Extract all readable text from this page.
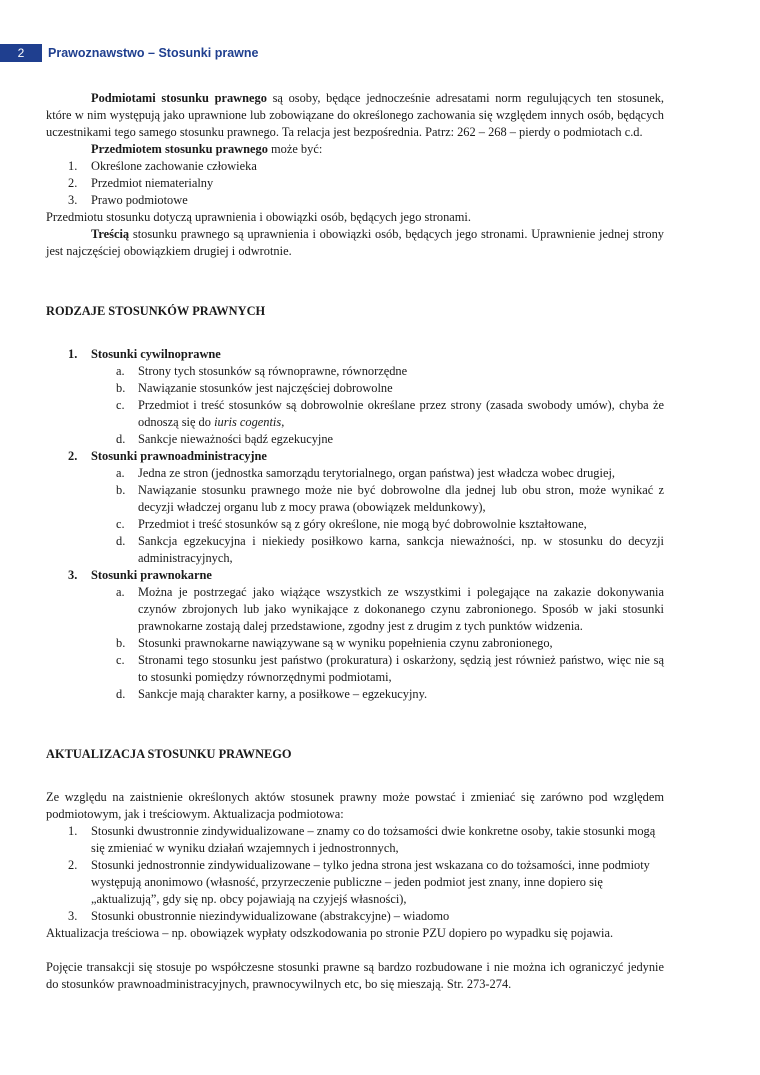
2	Prawoznawstwo – Stosunki prawne

Podmiotami stosunku prawnego są osoby, będące jednocześnie adresatami norm regulujących ten stosunek, które w nim występują jako uprawnione lub zobowiązane do określonego zachowania się względem innych osób, będących uczestnikami tego samego stosunku prawnego. Ta relacja jest bezpośrednia. Patrz: 262 – 268 – pierdy o podmiotach c.d.

Przedmiotem stosunku prawnego może być:

1. Określone zachowanie człowieka
2. Przedmiot niematerialny
3. Prawo podmiotowe

Przedmiotu stosunku dotyczą uprawnienia i obowiązki osób, będących jego stronami.

Treścią stosunku prawnego są uprawnienia i obowiązki osób, będących jego stronami. Uprawnienie jednej strony jest najczęściej obowiązkiem drugiej i odwrotnie.

RODZAJE STOSUNKÓW PRAWNYCH

1. Stosunki cywilnoprawne
a. Strony tych stosunków są równoprawne, równorzędne
b. Nawiązanie stosunków jest najczęściej dobrowolne
c. Przedmiot i treść stosunków są dobrowolnie określane przez strony (zasada swobody umów), chyba że odnoszą się do iuris cogentis,
d. Sankcje nieważności bądź egzekucyjne
2. Stosunki prawnoadministracyjne
a. Jedna ze stron (jednostka samorządu terytorialnego, organ państwa) jest władcza wobec drugiej,
b. Nawiązanie stosunku prawnego może nie być dobrowolne dla jednej lub obu stron, może wynikać z decyzji władczej organu lub z mocy prawa (obowiązek meldunkowy),
c. Przedmiot i treść stosunków są z góry określone, nie mogą być dobrowolnie kształtowane,
d. Sankcja egzekucyjna i niekiedy posiłkowo karna, sankcja nieważności, np. w stosunku do decyzji administracyjnych,
3. Stosunki prawnokarne
a. Można je postrzegać jako wiążące wszystkich ze wszystkimi i polegające na zakazie dokonywania czynów zbrojonych lub jako wynikające z dokonanego czynu zabronionego. Sposób w jaki stosunki prawnokarne zostają dalej przedstawione, zgodny jest z drugim z tych punktów widzenia.
b. Stosunki prawnokarne nawiązywane są w wyniku popełnienia czynu zabronionego,
c. Stronami tego stosunku jest państwo (prokuratura) i oskarżony, sędzią jest również państwo, więc nie są to stosunki pomiędzy równorzędnymi podmiotami,
d. Sankcje mają charakter karny, a posiłkowe – egzekucyjny.

AKTUALIZACJA STOSUNKU PRAWNEGO

Ze względu na zaistnienie określonych aktów stosunek prawny może powstać i zmieniać się zarówno pod względem podmiotowym, jak i treściowym. Aktualizacja podmiotowa:

1. Stosunki dwustronnie zindywidualizowane – znamy co do tożsamości dwie konkretne osoby, takie stosunki mogą się zmieniać w wyniku działań wzajemnych i jednostronnych,
2. Stosunki jednostronnie zindywidualizowane – tylko jedna strona jest wskazana co do tożsamości, inne podmioty występują anonimowo (własność, przyrzeczenie publiczne – jeden podmiot jest znany, inne dopiero się „aktualizują”, gdy się np. obcy pojawiają na czyjejś własności),
3. Stosunki obustronnie niezindywidualizowane (abstrakcyjne) – wiadomo

Aktualizacja treściowa – np. obowiązek wypłaty odszkodowania po stronie PZU dopiero po wypadku się pojawia.

Pojęcie transakcji się stosuje po współczesne stosunki prawne są bardzo rozbudowane i nie można ich ograniczyć jedynie do stosunków prawnoadministracyjnych, prawnocywilnych etc, bo się mieszają. Str. 273-274.
